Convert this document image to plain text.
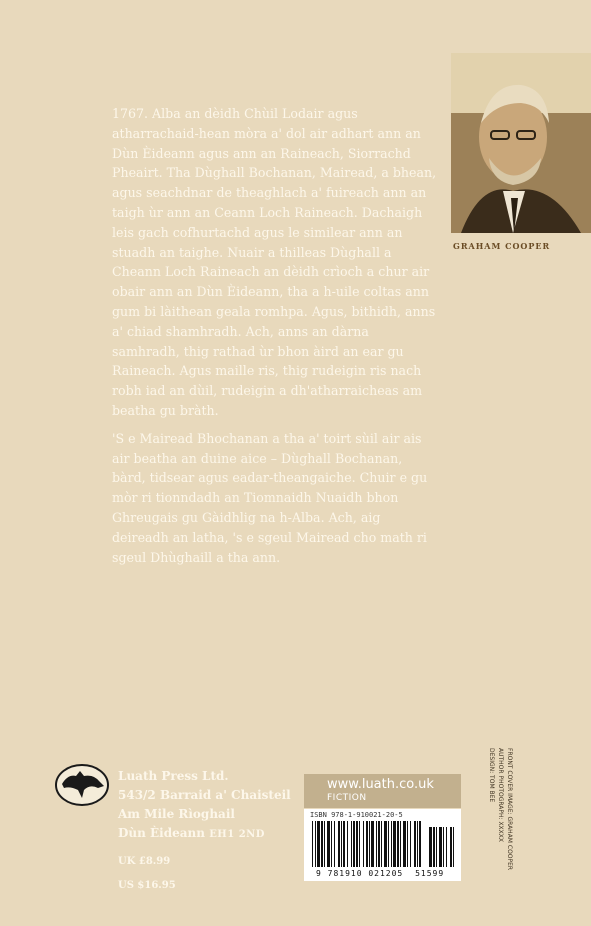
GRAHAM COOPER

1767. Alba an dèidh Chùil Lodair agus atharrachaid-hean mòra a' dol air adhart ann an Dùn Èideann agus ann an Raineach, Siorrachd Pheairt. Tha Dùghall Bochanan, Mairead, a bhean, agus seachdnar de theaghlach a' fuireach ann an taigh ùr ann an Ceann Loch Raineach. Dachaigh leis gach cofhurtachd agus le similear ann an stuadh an taighe. Nuair a thilleas Dùghall a Cheann Loch Raineach an dèidh crìoch a chur air obair ann an Dùn Èideann, tha a h-uile coltas ann gum bi làithean geala romhpa. Agus, bithidh, anns a' chiad shamhradh. Ach, anns an dàrna samhradh, thig rathad ùr bhon àird an ear gu Raineach. Agus maille ris, thig rudeigin ris nach robh iad an dùil, rudeigin a dh'atharraicheas am beatha gu bràth.

'S e Mairead Bhochanan a tha a' toirt sùil air ais air beatha an duine aice – Dùghall Bochanan, bàrd, tidsear agus eadar-theangaiche. Chuir e gu mòr ri tionndadh an Tiomnaidh Nuaidh bhon Ghreugais gu Gàidhlig na h-Alba. Ach, aig deireadh an latha, 's e sgeul Mairead cho math ri sgeul Dhùghaill a tha ann.

Luath Press Ltd.
543/2 Barraid a' Chaisteil
Am Mile Rìoghail
Dùn Èideann EH1 2ND
UK £8.99
US $16.95
www.luath.co.uk
FICTION
ISBN 978-1-910021-20-5
9 781910 021205 51599
FRONT COVER IMAGE: GRAHAM COOPER
AUTHOR PHOTOGRAPH: XXXXX
DESIGN: TOM BEE
